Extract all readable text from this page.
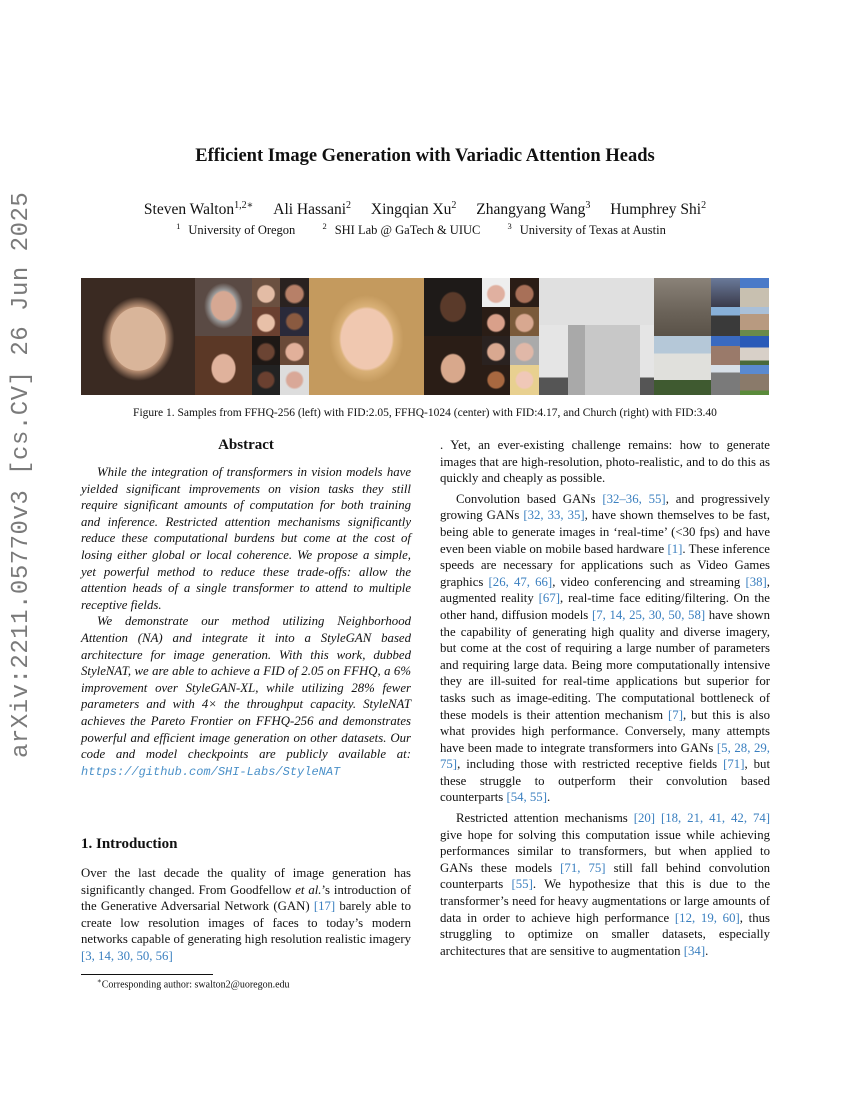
arXiv:2211.05770v3 [cs.CV] 26 Jun 2025
Efficient Image Generation with Variadic Attention Heads
Steven Walton$^{1,2∗}$ Ali Hassani$^2$ Xingqian Xu$^2$ Zhangyang Wang$^3$ Humphrey Shi$^2$
$^1$ University of Oregon	$^2$ SHI Lab @ GaTech & UIUC	$^3$ University of Texas at Austin
Figure 1. Samples from FFHQ-256 (left) with FID:2.05, FFHQ-1024 (center) with FID:4.17, and Church (right) with FID:3.40
Abstract

While the integration of transformers in vision models have yielded significant improvements on vision tasks they still require significant amounts of computation for both training and inference. Restricted attention mechanisms significantly reduce these computational burdens but come at the cost of losing either global or local coherence. We propose a simple, yet powerful method to reduce these trade-offs: allow the attention heads of a single transformer to attend to multiple receptive fields.

We demonstrate our method utilizing Neighborhood Attention (NA) and integrate it into a StyleGAN based architecture for image generation. With this work, dubbed StyleNAT, we are able to achieve a FID of 2.05 on FFHQ, a 6% improvement over StyleGAN-XL, while utilizing 28% fewer parameters and with 4× the throughput capacity. StyleNAT achieves the Pareto Frontier on FFHQ-256 and demonstrates powerful and efficient image generation on other datasets. Our code and model checkpoints are publicly available at: https://github.com/SHI-Labs/StyleNAT

1. Introduction
Over the last decade the quality of image generation has significantly changed. From Goodfellow et al.’s introduction of the Generative Adversarial Network (GAN) [17] barely able to create low resolution images of faces to today’s modern networks capable of generating high resolution realistic imagery [3, 14, 30, 50, 56]

. Yet, an ever-existing challenge remains: how to generate images that are high-resolution, photo-realistic, and to do this as quickly and cheaply as possible.

Convolution based GANs [32–36, 55], and progressively growing GANs [32, 33, 35], have shown themselves to be fast, being able to generate images in ‘real-time’ (<30 fps) and have even been viable on mobile based hardware [1]. These inference speeds are necessary for applications such as Video Games graphics [26, 47, 66], video conferencing and streaming [38], augmented reality [67], real-time face editing/filtering. On the other hand, diffusion models [7, 14, 25, 30, 50, 58] have shown the capability of generating high quality and diverse imagery, but come at the cost of requiring a large number of parameters and requiring large data. Being more computationally intensive they are ill-suited for real-time applications but superior for tasks such as image-editing. The computational bottleneck of these models is their attention mechanism [7], but this is also what provides high performance. Conversely, many attempts have been made to integrate transformers into GANs [5, 28, 29, 75], including those with restricted receptive fields [71], but these struggle to outperform their convolution based counterparts [54, 55].

Restricted attention mechanisms [20] [18, 21, 41, 42, 74] give hope for solving this computation issue while achieving performances similar to transformers, but when applied to GANs these models [71, 75] still fall behind convolution counterparts [55]. We hypothesize that this is due to the transformer’s need for heavy augmentations or large amounts of data in order to achieve high performance [12, 19, 60], thus struggling to optimize on smaller datasets, especially architectures that are sensitive to augmentation [34].

∗Corresponding author: swalton2@uoregon.edu
